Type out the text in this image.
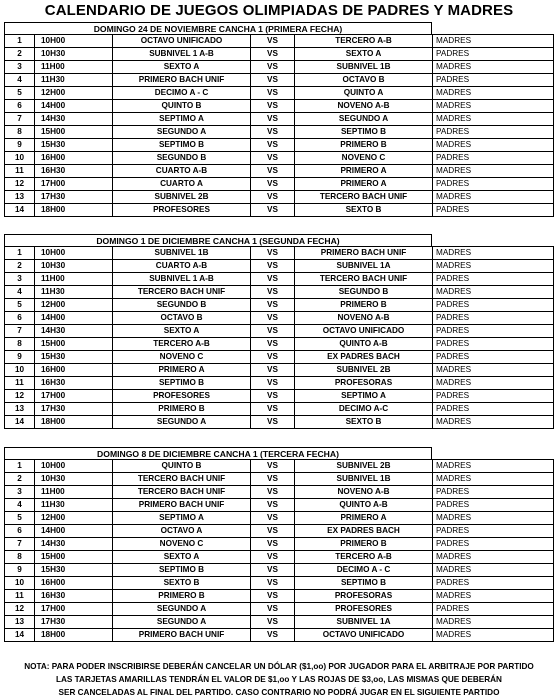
CALENDARIO DE JUEGOS OLIMPIADAS DE PADRES Y MADRES
DOMINGO 24 DE NOVIEMBRE CANCHA 1 (PRIMERA FECHA)
1	10H00	OCTAVO UNIFICADO	VS	TERCERO A-B	MADRES
2	10H30	SUBNIVEL 1 A-B	VS	SEXTO A	PADRES
3	11H00	SEXTO A	VS	SUBNIVEL 1B	MADRES
4	11H30	PRIMERO BACH UNIF	VS	OCTAVO B	PADRES
5	12H00	DECIMO A - C	VS	QUINTO A	MADRES
6	14H00	QUINTO B	VS	NOVENO A-B	MADRES
7	14H30	SEPTIMO A	VS	SEGUNDO A	MADRES
8	15H00	SEGUNDO A	VS	SEPTIMO B	PADRES
9	15H30	SEPTIMO B	VS	PRIMERO B	MADRES
10	16H00	SEGUNDO B	VS	NOVENO C	PADRES
11	16H30	CUARTO A-B	VS	PRIMERO A	MADRES
12	17H00	CUARTO A	VS	PRIMERO A	PADRES
13	17H30	SUBNIVEL 2B	VS	TERCERO BACH UNIF	MADRES
14	18H00	PROFESORES	VS	SEXTO B	PADRES
DOMINGO 1 DE DICIEMBRE CANCHA 1 (SEGUNDA FECHA)
1	10H00	SUBNIVEL 1B	VS	PRIMERO BACH UNIF	MADRES
2	10H30	CUARTO A-B	VS	SUBNIVEL 1A	MADRES
3	11H00	SUBNIVEL 1 A-B	VS	TERCERO BACH UNIF	PADRES
4	11H30	TERCERO BACH UNIF	VS	SEGUNDO B	MADRES
5	12H00	SEGUNDO B	VS	PRIMERO B	PADRES
6	14H00	OCTAVO B	VS	NOVENO A-B	PADRES
7	14H30	SEXTO A	VS	OCTAVO UNIFICADO	PADRES
8	15H00	TERCERO A-B	VS	QUINTO A-B	PADRES
9	15H30	NOVENO C	VS	EX PADRES BACH	PADRES
10	16H00	PRIMERO A	VS	SUBNIVEL 2B	MADRES
11	16H30	SEPTIMO B	VS	PROFESORAS	MADRES
12	17H00	PROFESORES	VS	SEPTIMO A	PADRES
13	17H30	PRIMERO B	VS	DECIMO A-C	PADRES
14	18H00	SEGUNDO A	VS	SEXTO B	MADRES
DOMINGO 8 DE DICIEMBRE CANCHA 1 (TERCERA FECHA)
1	10H00	QUINTO B	VS	SUBNIVEL 2B	MADRES
2	10H30	TERCERO BACH UNIF	VS	SUBNIVEL 1B	MADRES
3	11H00	TERCERO BACH UNIF	VS	NOVENO A-B	PADRES
4	11H30	PRIMERO BACH UNIF	VS	QUINTO A-B	PADRES
5	12H00	SEPTIMO A	VS	PRIMERO A	MADRES
6	14H00	OCTAVO A	VS	EX PADRES BACH	PADRES
7	14H30	NOVENO C	VS	PRIMERO B	PADRES
8	15H00	SEXTO A	VS	TERCERO A-B	MADRES
9	15H30	SEPTIMO B	VS	DECIMO A - C	MADRES
10	16H00	SEXTO B	VS	SEPTIMO B	PADRES
11	16H30	PRIMERO B	VS	PROFESORAS	MADRES
12	17H00	SEGUNDO A	VS	PROFESORES	PADRES
13	17H30	SEGUNDO A	VS	SUBNIVEL 1A	MADRES
14	18H00	PRIMERO BACH UNIF	VS	OCTAVO UNIFICADO	MADRES
NOTA: PARA PODER INSCRIBIRSE DEBERÁN CANCELAR UN DÓLAR ($1,oo) POR JUGADOR PARA EL ARBITRAJE POR PARTIDO
LAS TARJETAS AMARILLAS TENDRÁN EL VALOR DE $1,oo Y LAS ROJAS DE $3,oo, LAS MISMAS QUE DEBERÁN
SER CANCELADAS AL FINAL DEL PARTIDO. CASO CONTRARIO NO PODRÁ JUGAR EN EL SIGUIENTE PARTIDO
